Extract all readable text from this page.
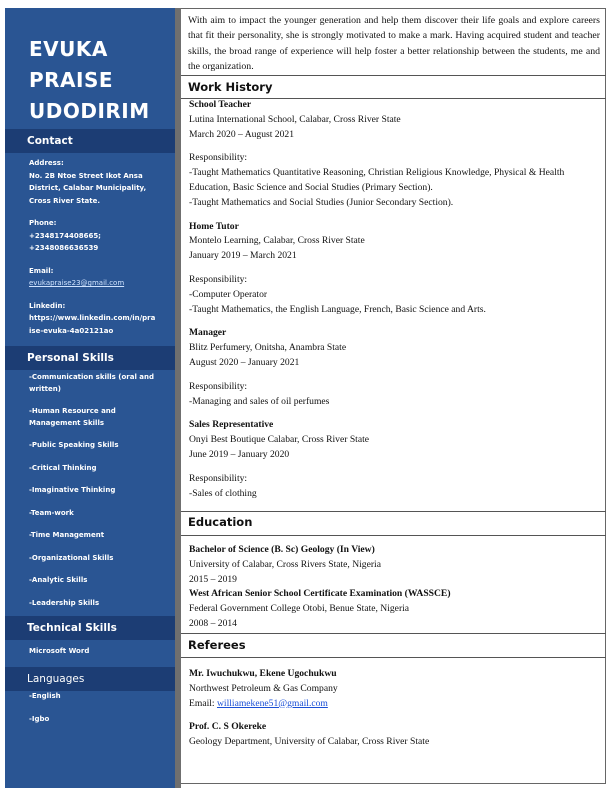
EVUKA
PRAISE
UDODIRIM
Contact
Address:
No. 2B Ntoe Street Ikot Ansa
District, Calabar Municipality,
Cross River State.
Phone:
+2348174408665;
+2348086636539
Email:
evukapraise23@gmail.com
Linkedin:
https://www.linkedin.com/in/pra
ise-evuka-4a02121ao
Personal Skills
-Communication skills (oral and written)
-Human Resource and Management Skills
-Public Speaking Skills
-Critical Thinking
-Imaginative Thinking
-Team-work
-Time Management
-Organizational Skills
-Analytic Skills
-Leadership Skills
Technical Skills
Microsoft Word
Languages
-English
-Igbo
With aim to impact the younger generation and help them discover their life goals and explore careers that fit their personality, she is strongly motivated to make a mark. Having acquired student and teacher skills, the broad range of experience will help foster a better relationship between the students, me and the organization.
Work History
School Teacher
Lutina International School, Calabar, Cross River State
March 2020 – August 2021
Responsibility:
-Taught Mathematics Quantitative Reasoning, Christian Religious Knowledge, Physical & Health Education, Basic Science and Social Studies (Primary Section).
-Taught Mathematics and Social Studies (Junior Secondary Section).
Home Tutor
Montelo Learning, Calabar, Cross River State
January 2019 – March 2021
Responsibility:
-Computer Operator
-Taught Mathematics, the English Language, French, Basic Science and Arts.
Manager
Blitz Perfumery, Onitsha, Anambra State
August 2020 – January 2021
Responsibility:
-Managing and sales of oil perfumes
Sales Representative
Onyi Best Boutique Calabar, Cross River State
June 2019 – January 2020
Responsibility:
-Sales of clothing
Education
Bachelor of Science (B. Sc) Geology (In View)
University of Calabar, Cross Rivers State, Nigeria
2015 – 2019
West African Senior School Certificate Examination (WASSCE)
Federal Government College Otobi, Benue State, Nigeria
2008 – 2014
Referees
Mr. Iwuchukwu, Ekene Ugochukwu
Northwest Petroleum & Gas Company
Email: williamekene51@gmail.com
Prof. C. S Okereke
Geology Department, University of Calabar, Cross River State
